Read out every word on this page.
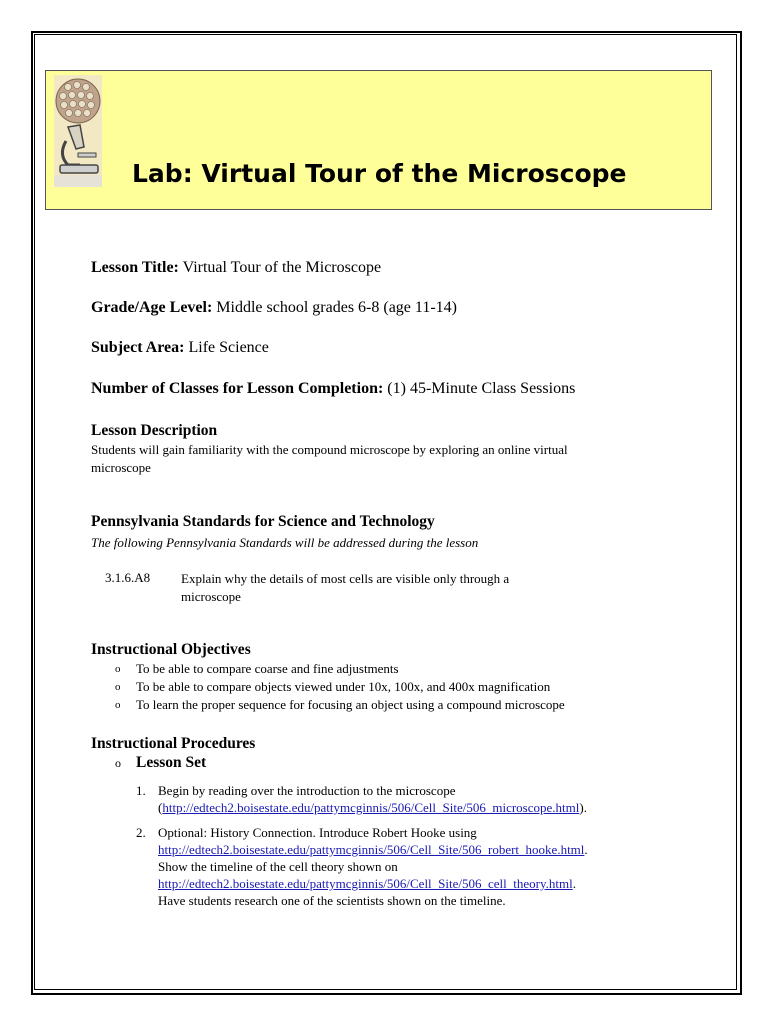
Lab: Virtual Tour of the Microscope
Lesson Title: Virtual Tour of the Microscope
Grade/Age Level: Middle school grades 6-8 (age 11-14)
Subject Area: Life Science
Number of Classes for Lesson Completion: (1) 45-Minute Class Sessions
Lesson Description
Students will gain familiarity with the compound microscope by exploring an online virtual
microscope
Pennsylvania Standards for Science and Technology
The following Pennsylvania Standards will be addressed during the lesson
3.1.6.A8 Explain why the details of most cells are visible only through a
microscope
Instructional Objectives
o To be able to compare coarse and fine adjustments
o To be able to compare objects viewed under 10x, 100x, and 400x magnification
o To learn the proper sequence for focusing an object using a compound microscope
Instructional Procedures
o Lesson Set
1. Begin by reading over the introduction to the microscope
(http://edtech2.boisestate.edu/pattymcginnis/506/Cell_Site/506_microscope.html).
2. Optional: History Connection. Introduce Robert Hooke using
http://edtech2.boisestate.edu/pattymcginnis/506/Cell_Site/506_robert_hooke.html.
Show the timeline of the cell theory shown on
http://edtech2.boisestate.edu/pattymcginnis/506/Cell_Site/506_cell_theory.html.
Have students research one of the scientists shown on the timeline.
